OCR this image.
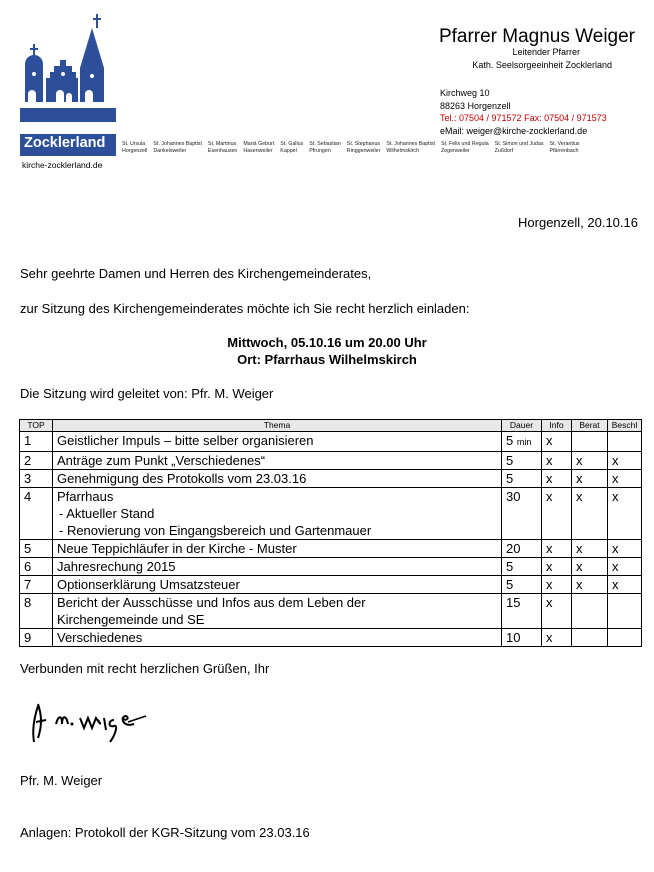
Seelsorgeeinheit
Zocklerland
kirche-zocklerland.de
St. Ursula
Horgenzell
St. Johannes Baptist
Dankelsweiler
St. Martinus
Esenhausen
Mariä Geburt
Hasenweiler
St. Gallus
Kappel
St. Sebastian
Pfrungen
St. Stephanus
Ringgenweiler
St. Johannes Baptist
Wilhelmskirch
St. Felix und Regula
Zogenweiler
St. Simon und Judas
Zußdorf
St. Verantius
Pfärrenbach
Pfarrer Magnus Weiger
Leitender Pfarrer
Kath. Seelsorgeeinheit Zocklerland
Kirchweg 10
88263 Horgenzell
Tel.: 07504 / 971572 Fax: 07504 / 971573
eMail: weiger@kirche-zocklerland.de
Horgenzell, 20.10.16
Sehr geehrte Damen und Herren des Kirchengemeinderates,
zur Sitzung des Kirchengemeinderates möchte ich Sie recht herzlich einladen:
Mittwoch, 05.10.16 um 20.00 Uhr
Ort: Pfarrhaus Wilhelmskirch
Die Sitzung wird geleitet von: Pfr. M. Weiger
TOP	Thema	Dauer	Info	Berat	Beschl
1	Geistlicher Impuls – bitte selber organisieren	5 min	x		
2	Anträge zum Punkt „Verschiedenes“	5	x	x	x
3	Genehmigung des Protokolls vom 23.03.16	5	x	x	x
4	Pfarrhaus
- Aktueller Stand
- Renovierung von Eingangsbereich und Gartenmauer	30	x	x	x
5	Neue Teppichläufer in der Kirche - Muster	20	x	x	x
6	Jahresrechung 2015	5	x	x	x
7	Optionserklärung Umsatzsteuer	5	x	x	x
8	Bericht der Ausschüsse und Infos aus dem Leben der
Kirchengemeinde und SE	15	x		
9	Verschiedenes	10	x		
Verbunden mit recht herzlichen Grüßen, Ihr
Pfr. M. Weiger
Anlagen: Protokoll der KGR-Sitzung vom 23.03.16
